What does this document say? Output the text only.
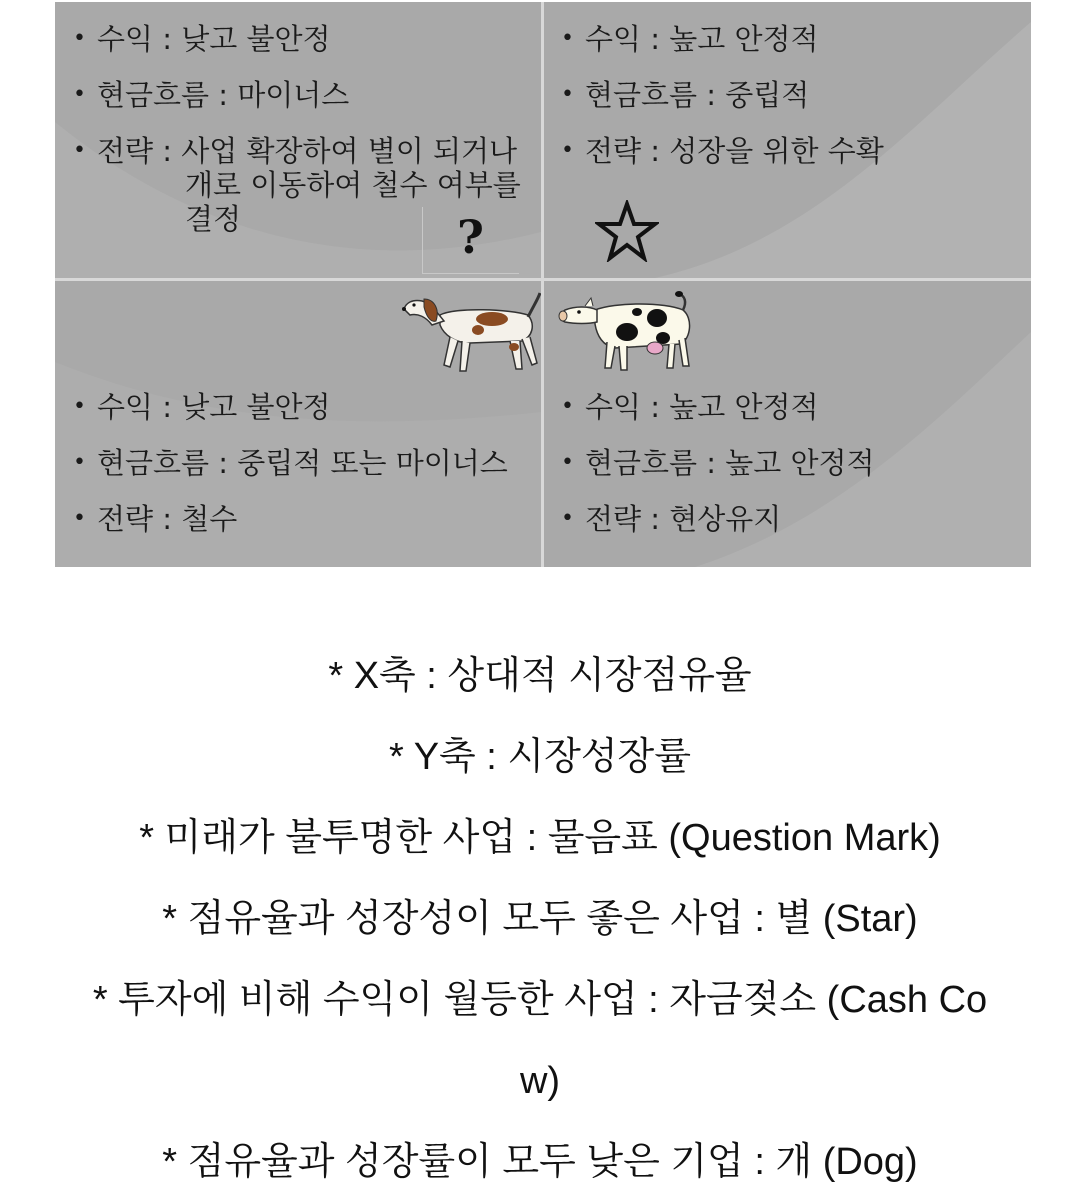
• 수익 : 낮고 불안정
• 현금흐름 : 마이너스
• 전략 : 사업 확장하여 별이 되거나
개로 이동하여 철수 여부를
결정	?
• 수익 : 높고 안정적
• 현금흐름 : 중립적
• 전략 : 성장을 위한 수확
• 수익 : 낮고 불안정
• 현금흐름 : 중립적 또는 마이너스
• 전략 : 철수
• 수익 : 높고 안정적
• 현금흐름 : 높고 안정적
• 전략 : 현상유지
* X축 : 상대적 시장점유율
* Y축 : 시장성장률
* 미래가 불투명한 사업 : 물음표 (Question Mark)
* 점유율과 성장성이 모두 좋은 사업 : 별 (Star)
* 투자에 비해 수익이 월등한 사업 : 자금젖소 (Cash Co
w)
* 점유율과 성장률이 모두 낮은 기업 : 개 (Dog)
